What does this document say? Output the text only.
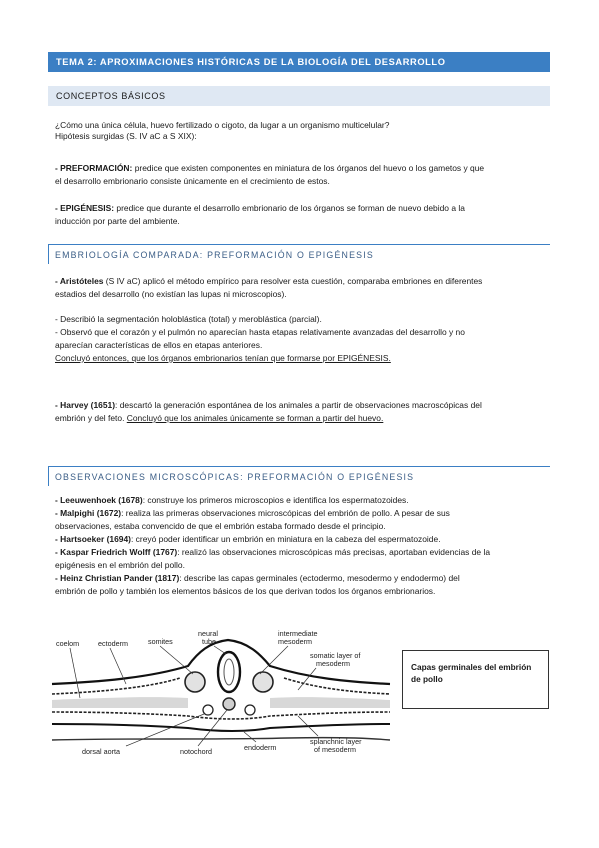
TEMA 2: APROXIMACIONES HISTÓRICAS DE LA BIOLOGÍA DEL DESARROLLO
CONCEPTOS BÁSICOS
¿Cómo una única célula, huevo fertilizado o cigoto, da lugar a un organismo multicelular?
Hipótesis surgidas (S. IV aC a S XIX):
- PREFORMACIÓN: predice que existen componentes en miniatura de los órganos del huevo o los gametos y que
el desarrollo embrionario consiste únicamente en el crecimiento de estos.
- EPIGÉNESIS: predice que durante el desarrollo embrionario de los órganos se forman de nuevo debido a la
inducción por parte del ambiente.
EMBRIOLOGÍA COMPARADA: PREFORMACIÓN O EPIGÉNESIS
- Aristóteles (S IV aC) aplicó el método empírico para resolver esta cuestión, comparaba embriones en diferentes
estadios del desarrollo (no existían las lupas ni microscopios).
- Describió la segmentación holoblástica (total) y meroblástica (parcial).
- Observó que el corazón y el pulmón no aparecían hasta etapas relativamente avanzadas del desarrollo y no
aparecían características de ellos en etapas anteriores.
Concluyó entonces, que los órganos embrionarios tenían que formarse por EPIGÉNESIS.
- Harvey (1651): descartó la generación espontánea de los animales a partir de observaciones macroscópicas del
embrión y del feto. Concluyó que los animales únicamente se forman a partir del huevo.
OBSERVACIONES MICROSCÓPICAS: PREFORMACIÓN O EPIGÉNESIS
- Leeuwenhoek (1678): construye los primeros microscopios e identifica los espermatozoides.
- Malpighi (1672): realiza las primeras observaciones microscópicas del embrión de pollo. A pesar de sus
observaciones, estaba convencido de que el embrión estaba formado desde el principio.
- Hartsoeker (1694): creyó poder identificar un embrión en miniatura en la cabeza del espermatozoide.
- Kaspar Friedrich Wolff (1767): realizó las observaciones microscópicas más precisas, aportaban evidencias de la
epigénesis en el embrión del pollo.
- Heinz Christian Pander (1817): describe las capas germinales (ectodermo, mesodermo y endodermo) del
embrión de pollo y también los elementos básicos de los que derivan todos los órganos embrionarios.
coelom	ectoderm	somites
neural
tube
intermediate
mesoderm
somatic layer of
mesoderm
dorsal aorta	notochord	endoderm
splanchnic layer
of mesoderm
Capas germinales del embrión de pollo
